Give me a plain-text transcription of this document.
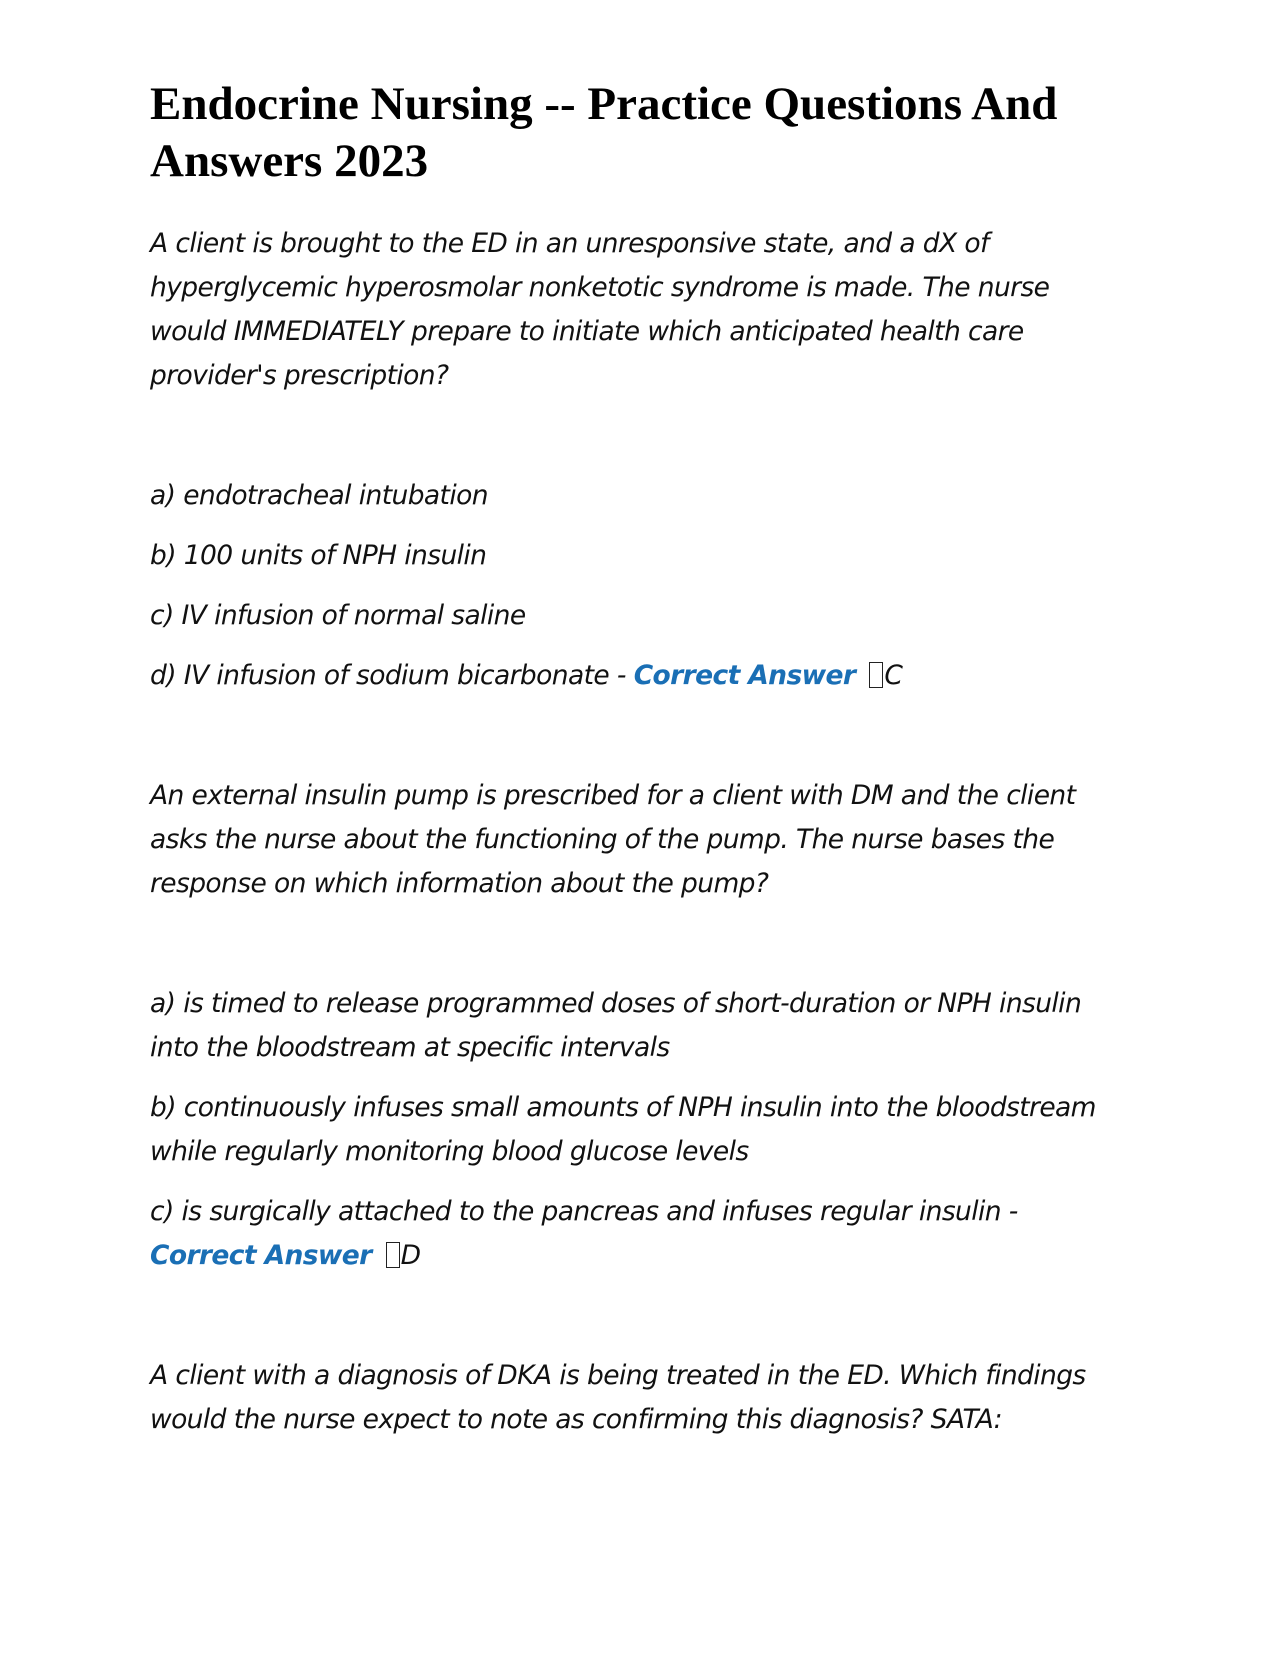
Endocrine Nursing -- Practice Questions And Answers 2023

A client is brought to the ED in an unresponsive state, and a dX of hyperglycemic hyperosmolar nonketotic syndrome is made. The nurse would IMMEDIATELY prepare to initiate which anticipated health care provider's prescription?

a) endotracheal intubation

b) 100 units of NPH insulin

c) IV infusion of normal saline

d) IV infusion of sodium bicarbonate - Correct Answer C

An external insulin pump is prescribed for a client with DM and the client asks the nurse about the functioning of the pump. The nurse bases the response on which information about the pump?

a) is timed to release programmed doses of short-duration or NPH insulin into the bloodstream at specific intervals

b) continuously infuses small amounts of NPH insulin into the bloodstream while regularly monitoring blood glucose levels

c) is surgically attached to the pancreas and infuses regular insulin - Correct Answer D

A client with a diagnosis of DKA is being treated in the ED. Which findings would the nurse expect to note as confirming this diagnosis? SATA:
